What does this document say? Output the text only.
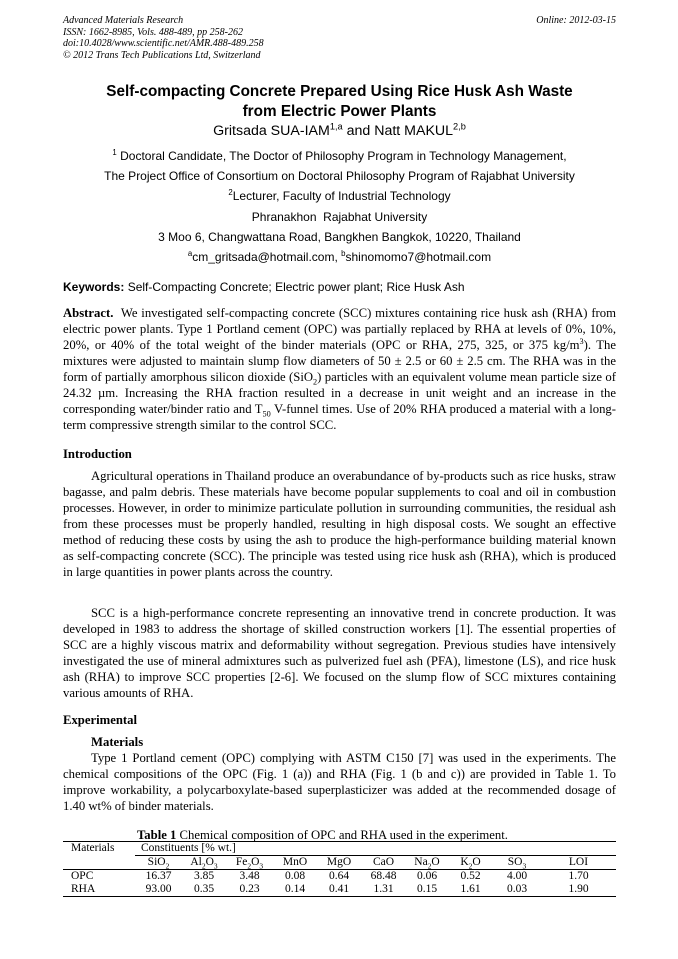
Advanced Materials Research
ISSN: 1662-8985, Vols. 488-489, pp 258-262
doi:10.4028/www.scientific.net/AMR.488-489.258
© 2012 Trans Tech Publications Ltd, Switzerland
Online: 2012-03-15
Self-compacting Concrete Prepared Using Rice Husk Ash Waste
from Electric Power Plants
Gritsada SUA-IAM$^{1,a}$ and Natt MAKUL$^{2,b}$
$^1$ Doctoral Candidate, The Doctor of Philosophy Program in Technology Management,
The Project Office of Consortium on Doctoral Philosophy Program of Rajabhat University
$^2$Lecturer, Faculty of Industrial Technology
Phranakhon  Rajabhat University
3 Moo 6, Changwattana Road, Bangkhen Bangkok, 10220, Thailand
$^a$cm_gritsada@hotmail.com, $^b$shinomomo7@hotmail.com
Keywords: Self-Compacting Concrete; Electric power plant; Rice Husk Ash

Abstract.  We investigated self-compacting concrete (SCC) mixtures containing rice husk ash (RHA) from electric power plants. Type 1 Portland cement (OPC) was partially replaced by RHA at levels of 0%, 10%, 20%, or 40% of the total weight of the binder materials (OPC or RHA, 275, 325, or 375 $kg/m^3$). The mixtures were adjusted to maintain slump flow diameters of 50 ± 2.5 or 60 ± 2.5 cm. The RHA was in the form of partially amorphous silicon dioxide (SiO$_2$) particles with an equivalent volume mean particle size of 24.32 µm. Increasing the RHA fraction resulted in a decrease in unit weight and an increase in the corresponding water/binder ratio and $T_{50}$ V-funnel times. Use of 20% RHA produced a material with a long-term compressive strength similar to the control SCC.

Introduction

Agricultural operations in Thailand produce an overabundance of by-products such as rice husks, straw bagasse, and palm debris. These materials have become popular supplements to coal and oil in combustion processes. However, in order to minimize particulate pollution in surrounding communities, the residual ash from these processes must be properly handled, resulting in high disposal costs. We sought an effective method of reducing these costs by using the ash to produce the high-performance building material known as self-compacting concrete (SCC). The principle was tested using rice husk ash (RHA), which is produced in large quantities in power plants across the country.

SCC is a high-performance concrete representing an innovative trend in concrete production. It was developed in 1983 to address the shortage of skilled construction workers [1]. The essential properties of SCC are a highly viscous matrix and deformability without segregation. Previous studies have intensively investigated the use of mineral admixtures such as pulverized fuel ash (PFA), limestone (LS), and rice husk ash (RHA) to improve SCC properties [2-6]. We focused on the slump flow of SCC mixtures containing various amounts of RHA.

Experimental

Materials

Type 1 Portland cement (OPC) complying with ASTM C150 [7] was used in the experiments. The chemical compositions of the OPC (Fig. 1 (a)) and RHA (Fig. 1 (b and c)) are provided in Table 1. To improve workability, a polycarboxylate-based superplasticizer was added at the recommended dosage of 1.40 wt% of binder materials.

Table 1 Chemical composition of OPC and RHA used in the experiment.
Materials	Constituents [% wt.]									
	SiO$_2$	$Al_2O_3$	$Fe_2O_3$	MnO	MgO	CaO	$Na_2O$	$K_2O$	$SO_3$	LOI
OPC	16.37	3.85	3.48	0.08	0.64	68.48	0.06	0.52	4.00	1.70
RHA	93.00	0.35	0.23	0.14	0.41	1.31	0.15	1.61	0.03	1.90
